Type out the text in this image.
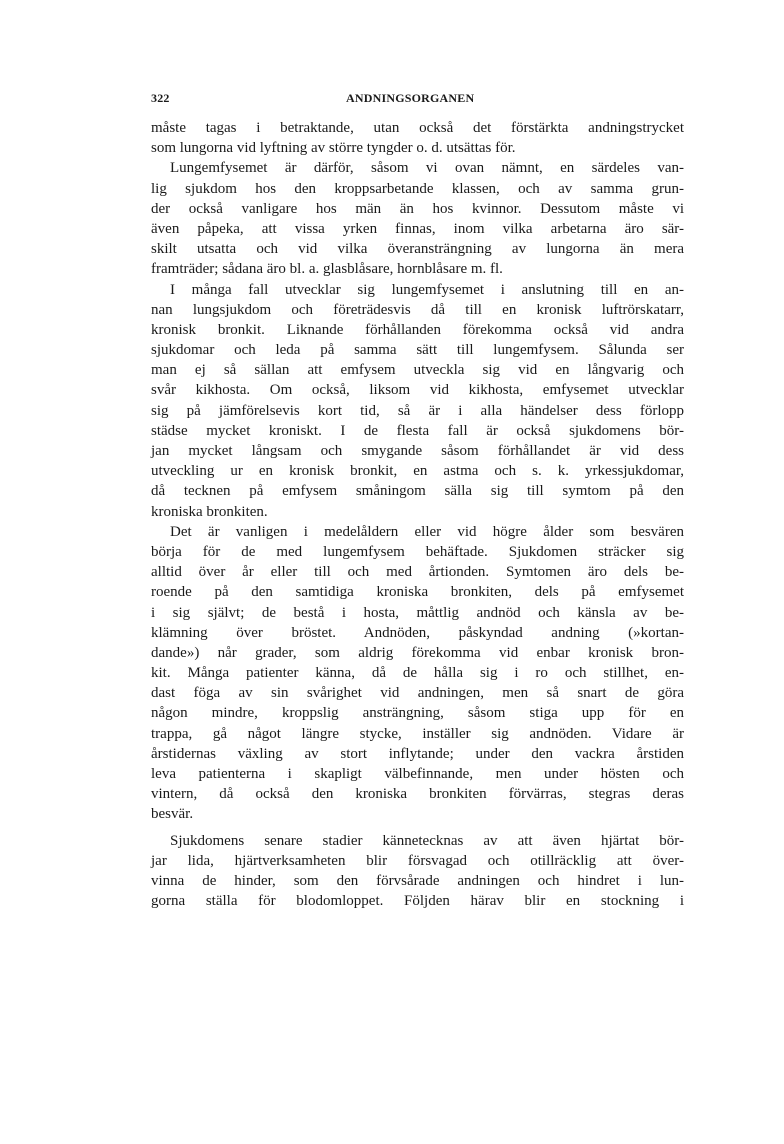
322	ANDNINGSORGANEN
måste tagas i betraktande, utan också det förstärkta andningstrycket
som lungorna vid lyftning av större tyngder o. d. utsättas för.
Lungemfysemet är därför, såsom vi ovan nämnt, en särdeles van-
lig sjukdom hos den kroppsarbetande klassen, och av samma grun-
der också vanligare hos män än hos kvinnor. Dessutom måste vi
även påpeka, att vissa yrken finnas, inom vilka arbetarna äro sär-
skilt utsatta och vid vilka överansträngning av lungorna än mera
framträder; sådana äro bl. a. glasblåsare, hornblåsare m. fl.
I många fall utvecklar sig lungemfysemet i anslutning till en an-
nan lungsjukdom och företrädesvis då till en kronisk luftrörskatarr,
kronisk bronkit. Liknande förhållanden förekomma också vid andra
sjukdomar och leda på samma sätt till lungemfysem. Sålunda ser
man ej så sällan att emfysem utveckla sig vid en långvarig och
svår kikhosta. Om också, liksom vid kikhosta, emfysemet utvecklar
sig på jämförelsevis kort tid, så är i alla händelser dess förlopp
städse mycket kroniskt. I de flesta fall är också sjukdomens bör-
jan mycket långsam och smygande såsom förhållandet är vid dess
utveckling ur en kronisk bronkit, en astma och s. k. yrkessjukdomar,
då tecknen på emfysem småningom sälla sig till symtom på den
kroniska bronkiten.
Det är vanligen i medelåldern eller vid högre ålder som besvären
börja för de med lungemfysem behäftade. Sjukdomen sträcker sig
alltid över år eller till och med årtionden. Symtomen äro dels be-
roende på den samtidiga kroniska bronkiten, dels på emfysemet
i sig självt; de bestå i hosta, måttlig andnöd och känsla av be-
klämning över bröstet. Andnöden, påskyndad andning (»kortan-
dande») når grader, som aldrig förekomma vid enbar kronisk bron-
kit. Många patienter känna, då de hålla sig i ro och stillhet, en-
dast föga av sin svårighet vid andningen, men så snart de göra
någon mindre, kroppslig ansträngning, såsom stiga upp för en
trappa, gå något längre stycke, inställer sig andnöden. Vidare är
årstidernas växling av stort inflytande; under den vackra årstiden
leva patienterna i skapligt välbefinnande, men under hösten och
vintern, då också den kroniska bronkiten förvärras, stegras deras
besvär.
Sjukdomens senare stadier kännetecknas av att även hjärtat bör-
jar lida, hjärtverksamheten blir försvagad och otillräcklig att över-
vinna de hinder, som den förvsårade andningen och hindret i lun-
gorna ställa för blodomloppet. Följden härav blir en stockning i
